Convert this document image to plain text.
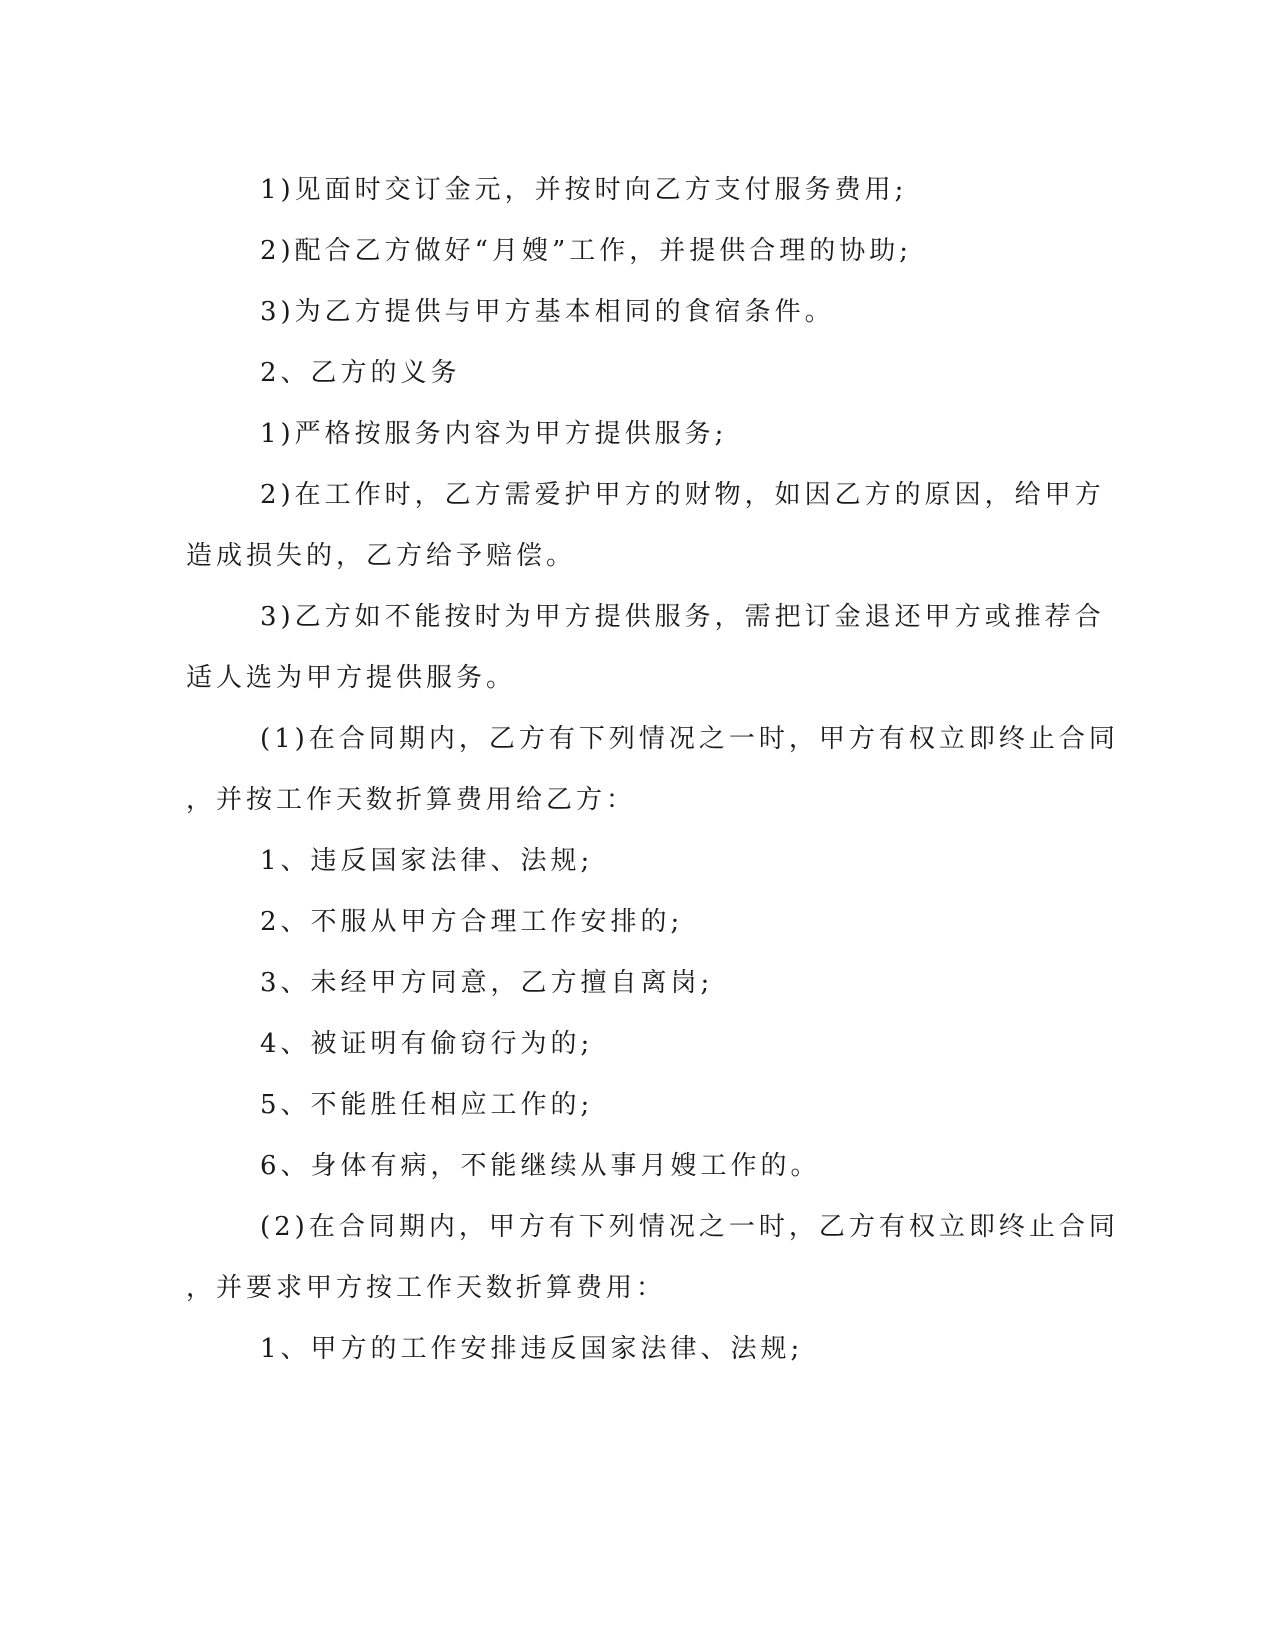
1)见面时交订金元，并按时向乙方支付服务费用;
2)配合乙方做好“月嫂”工作，并提供合理的协助;
3)为乙方提供与甲方基本相同的食宿条件。
2、乙方的义务
1)严格按服务内容为甲方提供服务;
2)在工作时，乙方需爱护甲方的财物，如因乙方的原因，给甲方
造成损失的，乙方给予赔偿。
3)乙方如不能按时为甲方提供服务，需把订金退还甲方或推荐合
适人选为甲方提供服务。
(1)在合同期内，乙方有下列情况之一时，甲方有权立即终止合同
，并按工作天数折算费用给乙方：
1、违反国家法律、法规;
2、不服从甲方合理工作安排的;
3、未经甲方同意，乙方擅自离岗;
4、被证明有偷窃行为的;
5、不能胜任相应工作的;
6、身体有病，不能继续从事月嫂工作的。
(2)在合同期内，甲方有下列情况之一时，乙方有权立即终止合同
，并要求甲方按工作天数折算费用：
1、甲方的工作安排违反国家法律、法规;
